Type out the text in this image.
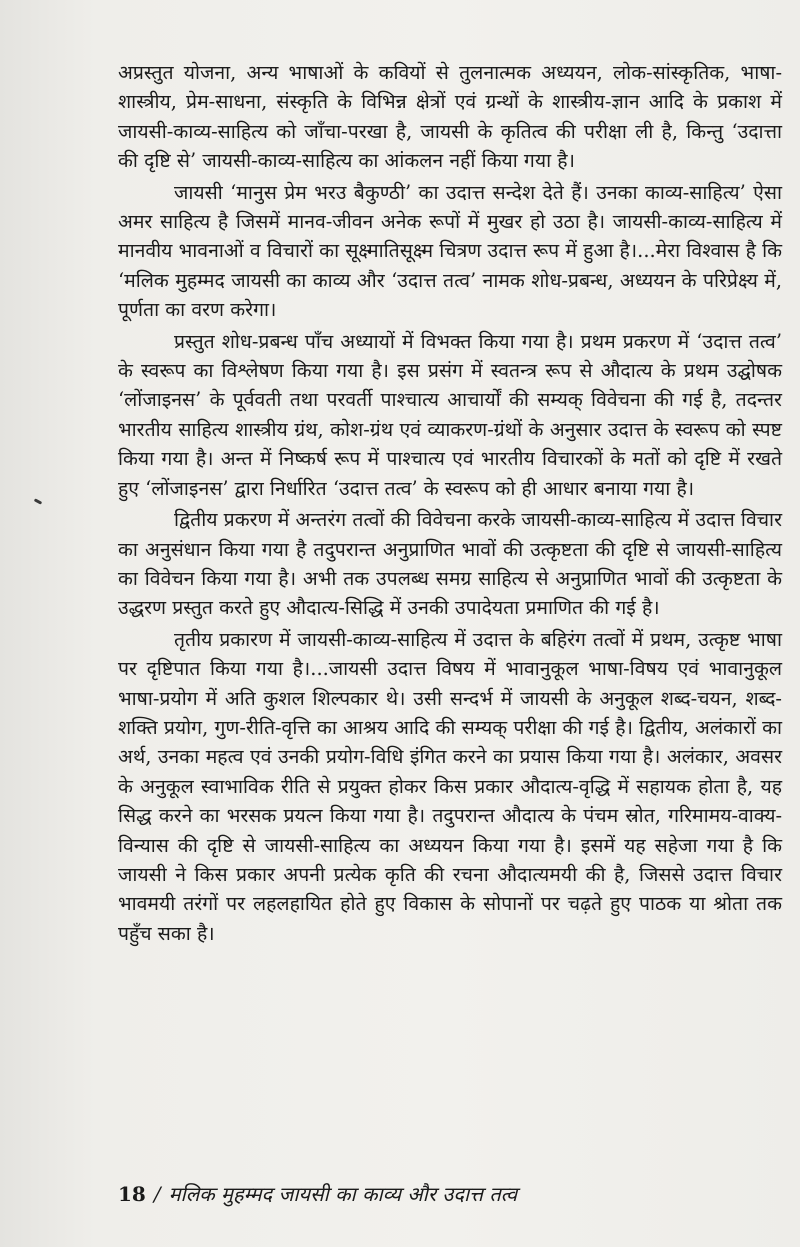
अप्रस्तुत योजना, अन्य भाषाओं के कवियों से तुलनात्मक अध्ययन, लोक-सांस्कृतिक, भाषा-शास्त्रीय, प्रेम-साधना, संस्कृति के विभिन्न क्षेत्रों एवं ग्रन्थों के शास्त्रीय-ज्ञान आदि के प्रकाश में जायसी-काव्य-साहित्य को जाँचा-परखा है, जायसी के कृतित्व की परीक्षा ली है, किन्तु ‘उदात्ता की दृष्टि से’ जायसी-काव्य-साहित्य का आंकलन नहीं किया गया है।

जायसी ‘मानुस प्रेम भरउ बैकुण्ठी’ का उदात्त सन्देश देते हैं। उनका काव्य-साहित्य’ ऐसा अमर साहित्य है जिसमें मानव-जीवन अनेक रूपों में मुखर हो उठा है। जायसी-काव्य-साहित्य में मानवीय भावनाओं व विचारों का सूक्ष्मातिसूक्ष्म चित्रण उदात्त रूप में हुआ है।...मेरा विश्वास है कि ‘मलिक मुहम्मद जायसी का काव्य और ‘उदात्त तत्व’ नामक शोध-प्रबन्ध, अध्ययन के परिप्रेक्ष्य में, पूर्णता का वरण करेगा।

प्रस्तुत शोध-प्रबन्ध पाँच अध्यायों में विभक्त किया गया है। प्रथम प्रकरण में ‘उदात्त तत्व’ के स्वरूप का विश्लेषण किया गया है। इस प्रसंग में स्वतन्त्र रूप से औदात्य के प्रथम उद्घोषक ‘लोंजाइनस’ के पूर्ववती तथा परवर्ती पाश्चात्य आचार्यों की सम्यक् विवेचना की गई है, तदन्तर भारतीय साहित्य शास्त्रीय ग्रंथ, कोश-ग्रंथ एवं व्याकरण-ग्रंथों के अनुसार उदात्त के स्वरूप को स्पष्ट किया गया है। अन्त में निष्कर्ष रूप में पाश्चात्य एवं भारतीय विचारकों के मतों को दृष्टि में रखते हुए ‘लोंजाइनस’ द्वारा निर्धारित ‘उदात्त तत्व’ के स्वरूप को ही आधार बनाया गया है।

द्वितीय प्रकरण में अन्तरंग तत्वों की विवेचना करके जायसी-काव्य-साहित्य में उदात्त विचार का अनुसंधान किया गया है तदुपरान्त अनुप्राणित भावों की उत्कृष्टता की दृष्टि से जायसी-साहित्य का विवेचन किया गया है। अभी तक उपलब्ध समग्र साहित्य से अनुप्राणित भावों की उत्कृष्टता के उद्धरण प्रस्तुत करते हुए औदात्य-सिद्धि में उनकी उपादेयता प्रमाणित की गई है।

तृतीय प्रकारण में जायसी-काव्य-साहित्य में उदात्त के बहिरंग तत्वों में प्रथम, उत्कृष्ट भाषा पर दृष्टिपात किया गया है।...जायसी उदात्त विषय में भावानुकूल भाषा-विषय एवं भावानुकूल भाषा-प्रयोग में अति कुशल शिल्पकार थे। उसी सन्दर्भ में जायसी के अनुकूल शब्द-चयन, शब्द-शक्ति प्रयोग, गुण-रीति-वृत्ति का आश्रय आदि की सम्यक् परीक्षा की गई है। द्वितीय, अलंकारों का अर्थ, उनका महत्व एवं उनकी प्रयोग-विधि इंगित करने का प्रयास किया गया है। अलंकार, अवसर के अनुकूल स्वाभाविक रीति से प्रयुक्त होकर किस प्रकार औदात्य-वृद्धि में सहायक होता है, यह सिद्ध करने का भरसक प्रयत्न किया गया है। तदुपरान्त औदात्य के पंचम स्रोत, गरिमामय-वाक्य-विन्यास की दृष्टि से जायसी-साहित्य का अध्ययन किया गया है। इसमें यह सहेजा गया है कि जायसी ने किस प्रकार अपनी प्रत्येक कृति की रचना औदात्यमयी की है, जिससे उदात्त विचार भावमयी तरंगों पर लहलहायित होते हुए विकास के सोपानों पर चढ़ते हुए पाठक या श्रोता तक पहुँच सका है।

18 / मलिक मुहम्मद जायसी का काव्य और उदात्त तत्व
